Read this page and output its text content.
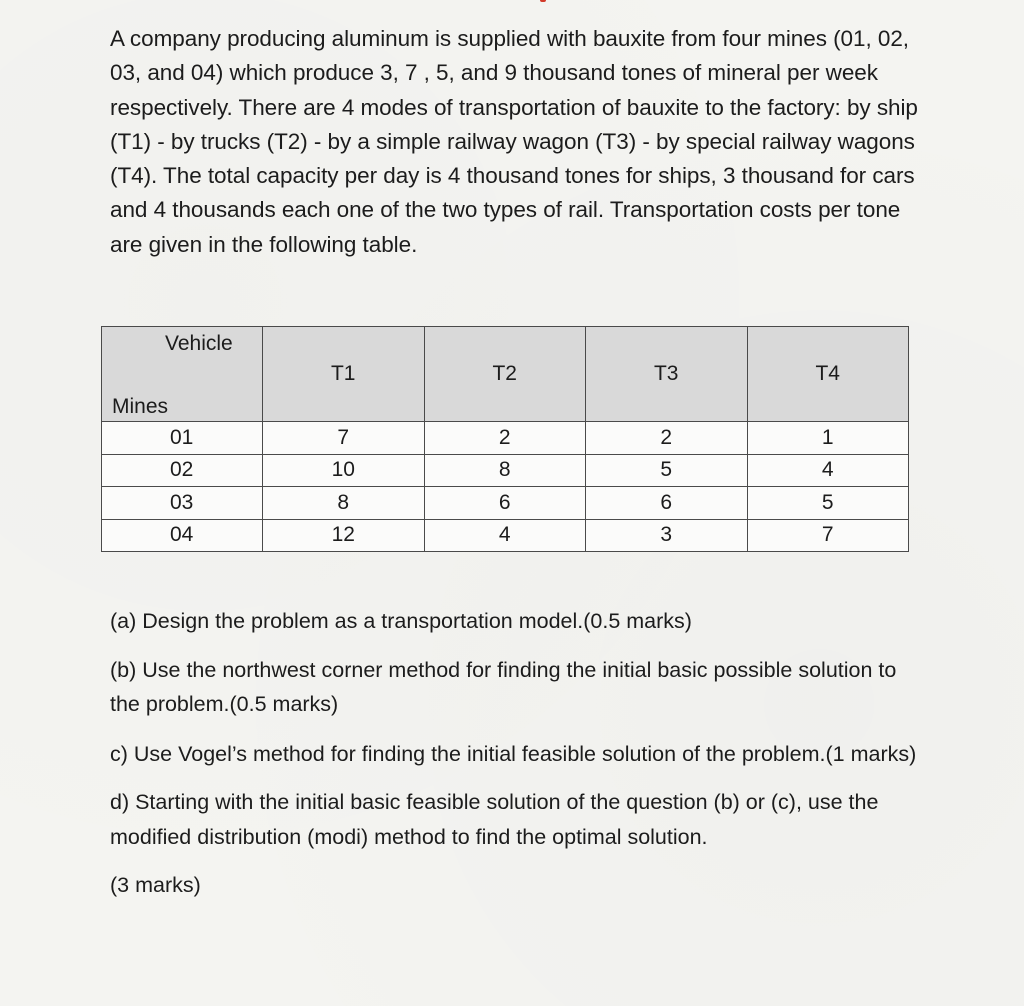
A company producing aluminum is supplied with bauxite from four mines (01, 02, 03, and 04) which produce 3, 7 , 5, and 9 thousand tones of mineral per week respectively. There are 4 modes of transportation of bauxite to the factory: by ship (T1) - by trucks (T2) - by a simple railway wagon (T3) - by special railway wagons (T4). The total capacity per day is 4 thousand tones for ships, 3 thousand for cars and 4 thousands each one of the two types of rail. Transportation costs per tone are given in the following table.

Vehicle
Mines	T1	T2	T3	T4
01	7	2	2	1
02	10	8	5	4
03	8	6	6	5
04	12	4	3	7

(a) Design the problem as a transportation model.(0.5 marks)

(b) Use the northwest corner method for finding the initial basic possible solution to the problem.(0.5 marks)

c) Use Vogel’s method for finding the initial feasible solution of the problem.(1 marks)

d) Starting with the initial basic feasible solution of the question (b) or (c), use the modified distribution (modi) method to find the optimal solution.

(3 marks)
